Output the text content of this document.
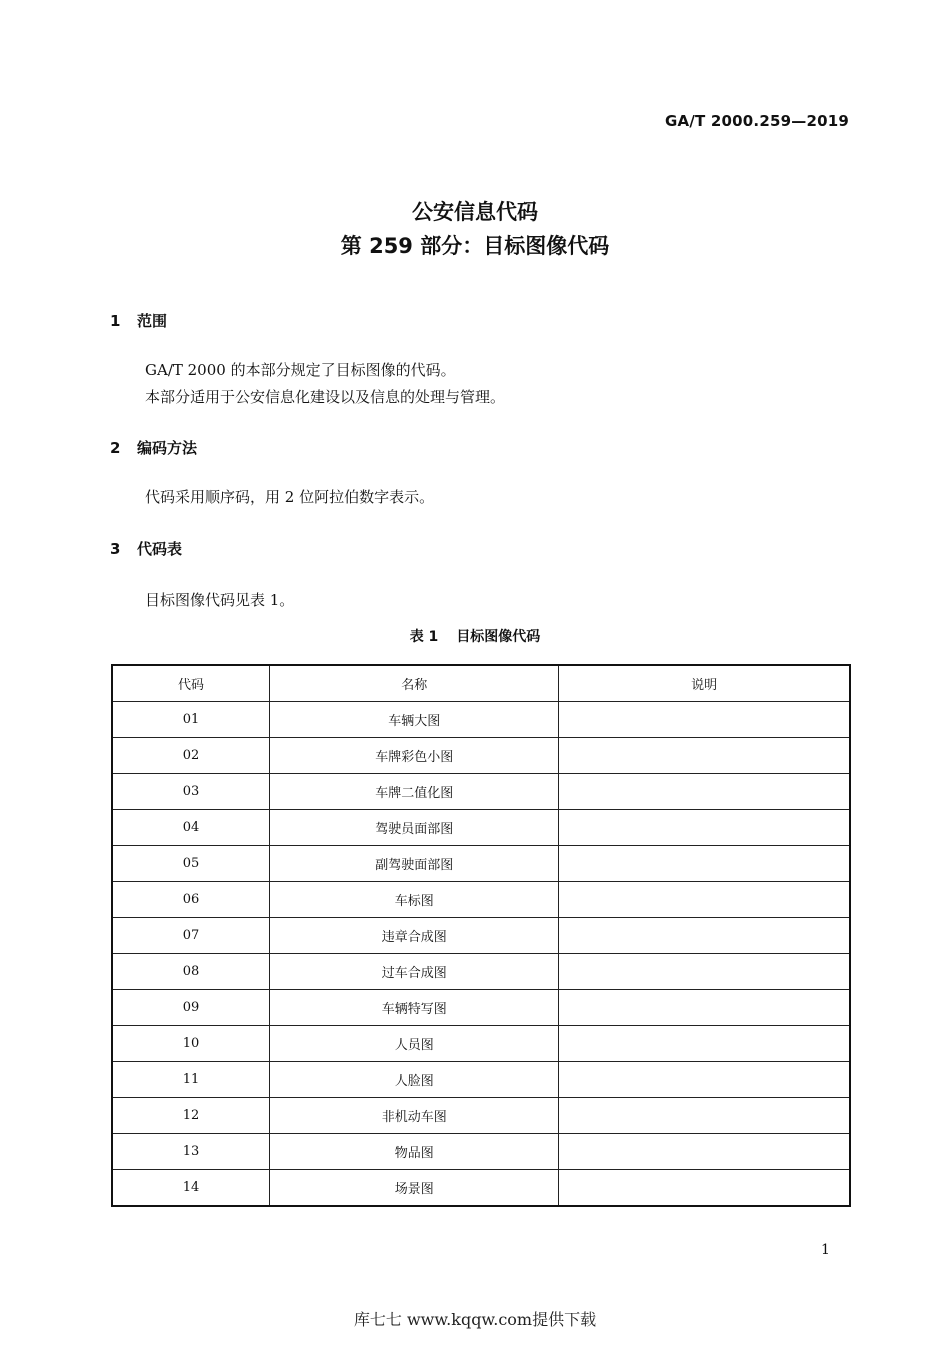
GA/T 2000.259—2019
公安信息代码
第 259 部分：目标图像代码
1 范围
GA/T 2000 的本部分规定了目标图像的代码。
本部分适用于公安信息化建设以及信息的处理与管理。
2 编码方法
代码采用顺序码，用 2 位阿拉伯数字表示。
3 代码表
目标图像代码见表 1。
表 1 目标图像代码
代码	名称	说明
01	车辆大图	
02	车牌彩色小图	
03	车牌二值化图	
04	驾驶员面部图	
05	副驾驶面部图	
06	车标图	
07	违章合成图	
08	过车合成图	
09	车辆特写图	
10	人员图	
11	人脸图	
12	非机动车图	
13	物品图	
14	场景图	
1
库七七 www.kqqw.com提供下载
